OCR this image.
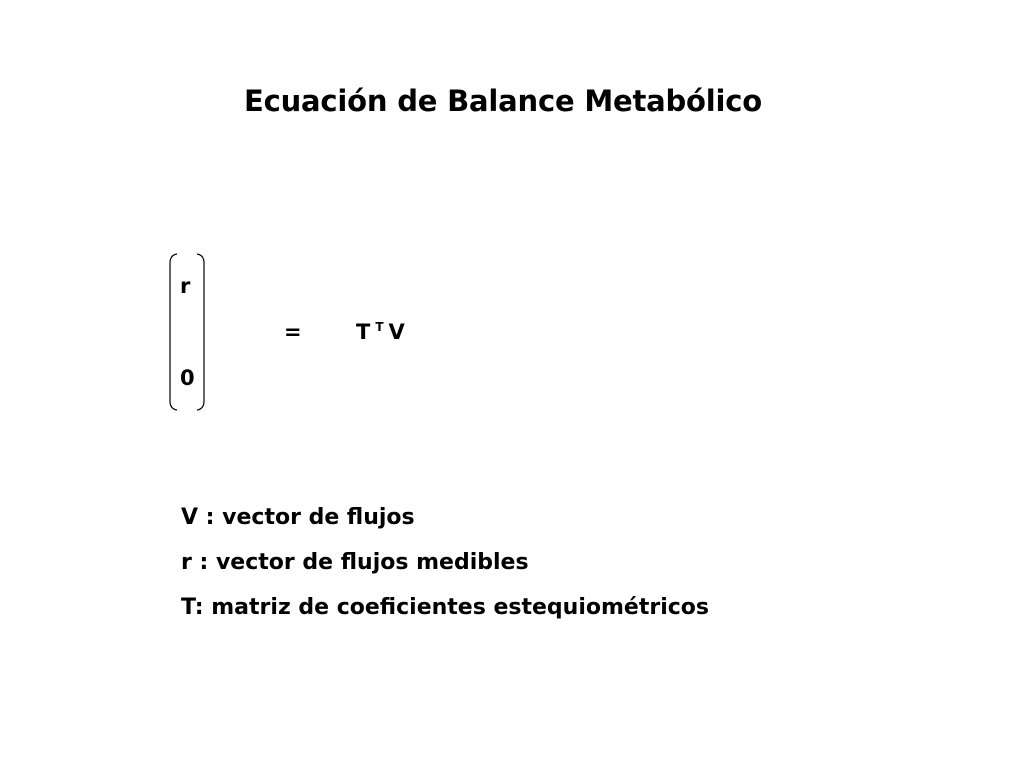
Ecuación de Balance Metabólico
r
0
=	T $^T$ V
V : vector de flujos
r : vector de flujos medibles
T: matriz de coeficientes estequiométricos
